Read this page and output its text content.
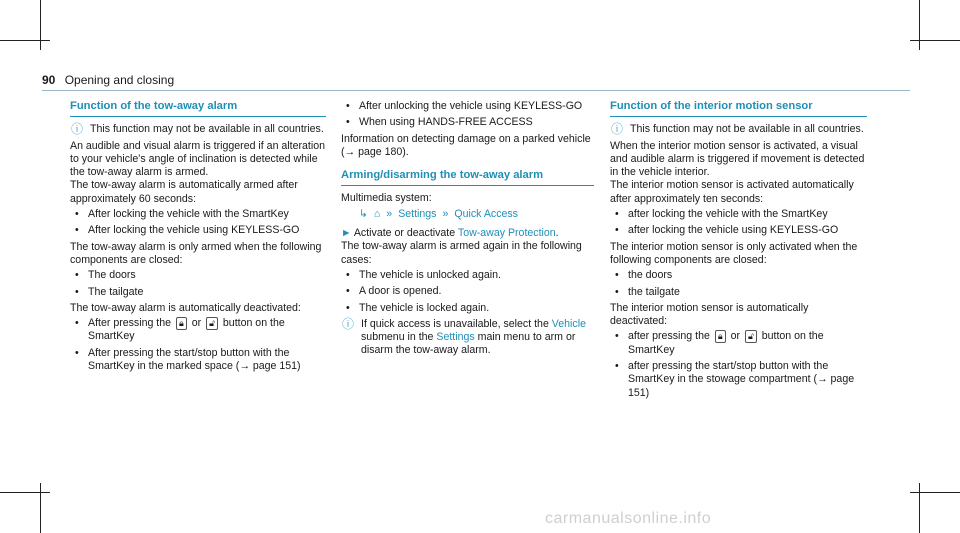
90 Opening and closing
Function of the tow-away alarm
ⓘ This function may not be available in all countries.

An audible and visual alarm is triggered if an alteration to your vehicle's angle of inclination is detected while the tow-away alarm is armed.

The tow-away alarm is automatically armed after approximately 60 seconds:

• After locking the vehicle with the SmartKey
• After locking the vehicle using KEYLESS-GO

The tow-away alarm is only armed when the following components are closed:

• The doors
• The tailgate

The tow-away alarm is automatically deactivated:

• After pressing the 🔒︎ or 🔓︎ button on the SmartKey
• After pressing the start/stop button with the SmartKey in the marked space (→ page 151)
• After unlocking the vehicle using KEYLESS-GO
• When using HANDS-FREE ACCESS

Information on detecting damage on a parked vehicle (→ page 180).

Arming/disarming the tow-away alarm

Multimedia system:

↳ ⌂ » Settings » Quick Access

► Activate or deactivate Tow-away Protection.

The tow-away alarm is armed again in the following cases:

• The vehicle is unlocked again.
• A door is opened.
• The vehicle is locked again.
ⓘ If quick access is unavailable, select the Vehicle submenu in the Settings main menu to arm or disarm the tow-away alarm.
Function of the interior motion sensor
ⓘ This function may not be available in all countries.

When the interior motion sensor is activated, a visual and audible alarm is triggered if movement is detected in the vehicle interior.

The interior motion sensor is activated automatically after approximately ten seconds:

• after locking the vehicle with the SmartKey
• after locking the vehicle using KEYLESS-GO

The interior motion sensor is only activated when the following components are closed:

• the doors
• the tailgate

The interior motion sensor is automatically deactivated:

• after pressing the 🔒︎ or 🔓︎ button on the SmartKey
• after pressing the start/stop button with the SmartKey in the stowage compartment (→ page 151)
carmanualsonline.info
